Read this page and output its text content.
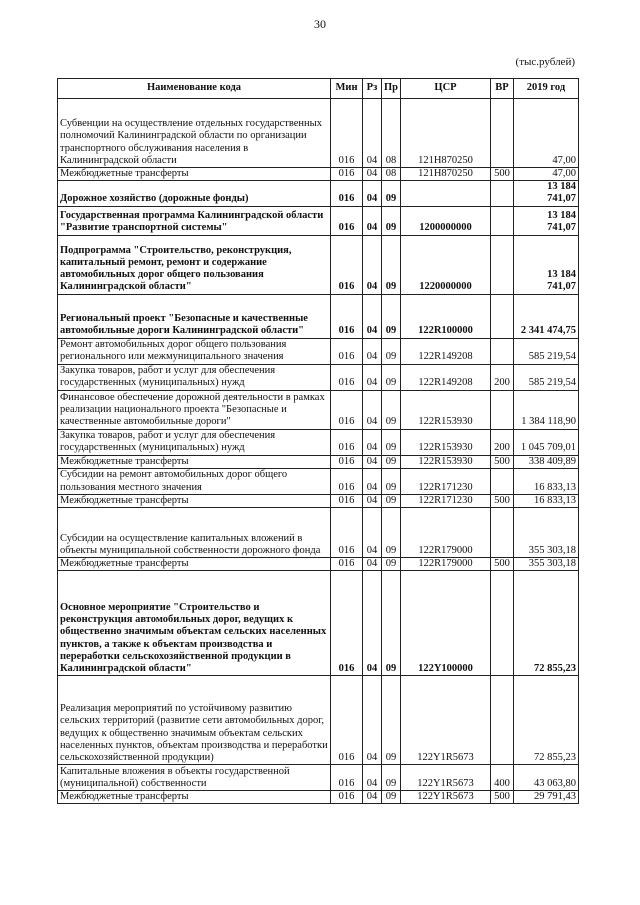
30
(тыс.рублей)
Наименование кода	Мин	Рз	Пр	ЦСР	ВР	2019 год
Субвенции на осуществление отдельных государственных полномочий Калининградской области по организации транспортного обслуживания населения в Калининградской области	016	04	08	121H870250		47,00
Межбюджетные трансферты	016	04	08	121H870250	500	47,00
Дорожное хозяйство (дорожные фонды)	016	04	09			13 184 741,07
Государственная программа Калининградской области "Развитие транспортной системы"	016	04	09	1200000000		13 184 741,07
Подпрограмма "Строительство, реконструкция, капитальный ремонт, ремонт и содержание автомобильных дорог общего пользования Калининградской области"	016	04	09	1220000000		13 184 741,07
Региональный проект "Безопасные и качественные автомобильные дороги Калининградской области"	016	04	09	122R100000		2 341 474,75
Ремонт автомобильных дорог общего пользования регионального или межмуниципального значения	016	04	09	122R149208		585 219,54
Закупка товаров, работ и услуг для обеспечения государственных (муниципальных) нужд	016	04	09	122R149208	200	585 219,54
Финансовое обеспечение дорожной деятельности в рамках реализации национального проекта "Безопасные и качественные автомобильные дороги"	016	04	09	122R153930		1 384 118,90
Закупка товаров, работ и услуг для обеспечения государственных (муниципальных) нужд	016	04	09	122R153930	200	1 045 709,01
Межбюджетные трансферты	016	04	09	122R153930	500	338 409,89
Субсидии на ремонт автомобильных дорог общего пользования местного значения	016	04	09	122R171230		16 833,13
Межбюджетные трансферты	016	04	09	122R171230	500	16 833,13
Субсидии на осуществление капитальных вложений в объекты муниципальной собственности дорожного фонда	016	04	09	122R179000		355 303,18
Межбюджетные трансферты	016	04	09	122R179000	500	355 303,18
Основное мероприятие "Строительство и реконструкция автомобильных дорог, ведущих к общественно значимым объектам сельских населенных пунктов, а также к объектам производства и переработки сельскохозяйственной продукции в Калининградской области"	016	04	09	122Y100000		72 855,23
Реализация мероприятий по устойчивому развитию сельских территорий (развитие сети автомобильных дорог, ведущих к общественно значимым объектам сельских населенных пунктов, объектам производства и переработки сельскохозяйственной продукции)	016	04	09	122Y1R5673		72 855,23
Капитальные вложения в объекты государственной (муниципальной) собственности	016	04	09	122Y1R5673	400	43 063,80
Межбюджетные трансферты	016	04	09	122Y1R5673	500	29 791,43
